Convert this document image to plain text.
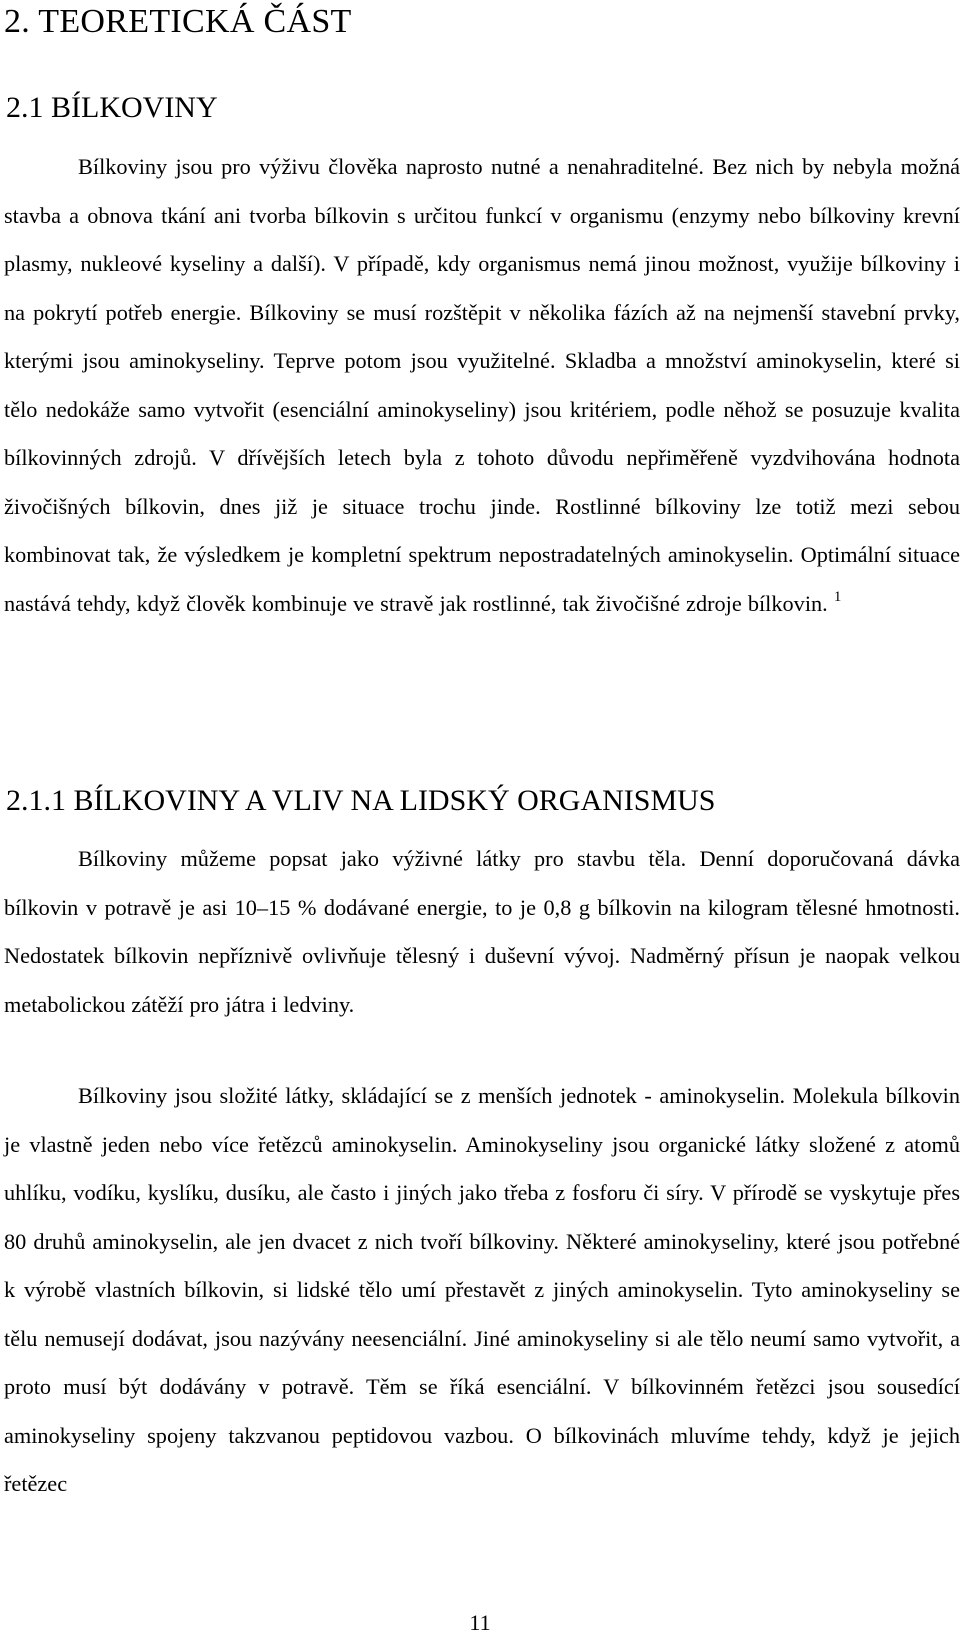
2. TEORETICKÁ ČÁST
2.1 BÍLKOVINY

Bílkoviny jsou pro výživu člověka naprosto nutné a nenahraditelné. Bez nich by nebyla možná stavba a obnova tkání ani tvorba bílkovin s určitou funkcí v organismu (enzymy nebo bílkoviny krevní plasmy, nukleové kyseliny a další). V případě, kdy organismus nemá jinou možnost, využije bílkoviny i na pokrytí potřeb energie. Bílkoviny se musí rozštěpit v několika fázích až na nejmenší stavební prvky, kterými jsou aminokyseliny. Teprve potom jsou využitelné. Skladba a množství aminokyselin, které si tělo nedokáže samo vytvořit (esenciální aminokyseliny) jsou kritériem, podle něhož se posuzuje kvalita bílkovinných zdrojů. V dřívějších letech byla z tohoto důvodu nepřiměřeně vyzdvihována hodnota živočišných bílkovin, dnes již je situace trochu jinde. Rostlinné bílkoviny lze totiž mezi sebou kombinovat tak, že výsledkem je kompletní spektrum nepostradatelných aminokyselin. Optimální situace nastává tehdy, když člověk kombinuje ve stravě jak rostlinné, tak živočišné zdroje bílkovin. $^1$

2.1.1 BÍLKOVINY A VLIV NA LIDSKÝ ORGANISMUS

Bílkoviny můžeme popsat jako výživné látky pro stavbu těla. Denní doporučovaná dávka bílkovin v potravě je asi 10–15 % dodávané energie, to je 0,8 g bílkovin na kilogram tělesné hmotnosti. Nedostatek bílkovin nepříznivě ovlivňuje tělesný i duševní vývoj. Nadměrný přísun je naopak velkou metabolickou zátěží pro játra i ledviny.

Bílkoviny jsou složité látky, skládající se z menších jednotek - aminokyselin. Molekula bílkovin je vlastně jeden nebo více řetězců aminokyselin. Aminokyseliny jsou organické látky složené z atomů uhlíku, vodíku, kyslíku, dusíku, ale často i jiných jako třeba z fosforu či síry. V přírodě se vyskytuje přes 80 druhů aminokyselin, ale jen dvacet z nich tvoří bílkoviny. Některé aminokyseliny, které jsou potřebné k výrobě vlastních bílkovin, si lidské tělo umí přestavět z jiných aminokyselin. Tyto aminokyseliny se tělu nemusejí dodávat, jsou nazývány neesenciální. Jiné aminokyseliny si ale tělo neumí samo vytvořit, a proto musí být dodávány v potravě. Těm se říká esenciální. V bílkovinném řetězci jsou sousedící aminokyseliny spojeny takzvanou peptidovou vazbou. O bílkovinách mluvíme tehdy, když je jejich řetězec

11
